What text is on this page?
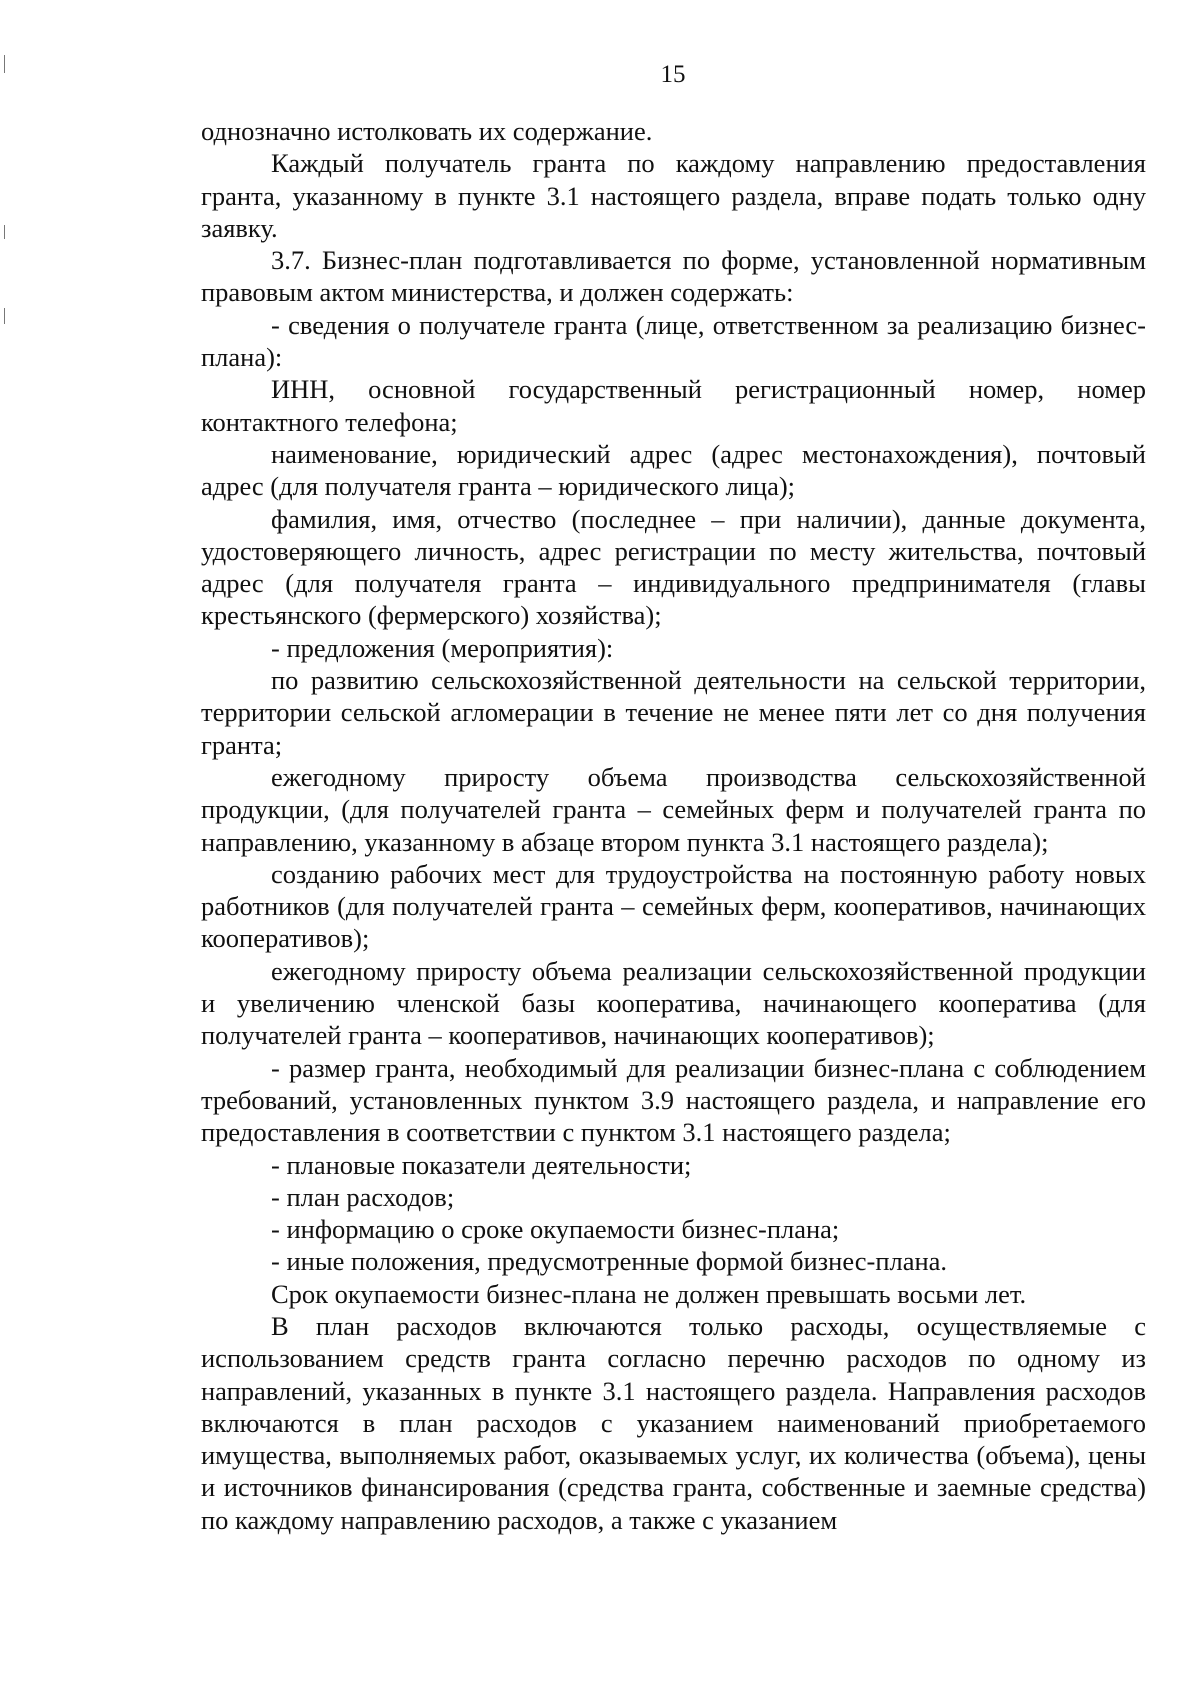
15

однозначно истолковать их содержание.

Каждый получатель гранта по каждому направлению предоставления гранта, указанному в пункте 3.1 настоящего раздела, вправе подать только одну заявку.

3.7. Бизнес-план подготавливается по форме, установленной нормативным правовым актом министерства, и должен содержать:

- сведения о получателе гранта (лице, ответственном за реализацию бизнес-плана):

ИНН, основной государственный регистрационный номер, номер контактного телефона;

наименование, юридический адрес (адрес местонахождения), почтовый адрес (для получателя гранта – юридического лица);

фамилия, имя, отчество (последнее – при наличии), данные документа, удостоверяющего личность, адрес регистрации по месту жительства, почтовый адрес (для получателя гранта – индивидуального предпринимателя (главы крестьянского (фермерского) хозяйства);

- предложения (мероприятия):

по развитию сельскохозяйственной деятельности на сельской территории, территории сельской агломерации в течение не менее пяти лет со дня получения гранта;

ежегодному приросту объема производства сельскохозяйственной продукции, (для получателей гранта – семейных ферм и получателей гранта по направлению, указанному в абзаце втором пункта 3.1 настоящего раздела);

созданию рабочих мест для трудоустройства на постоянную работу новых работников (для получателей гранта – семейных ферм, кооперативов, начинающих кооперативов);

ежегодному приросту объема реализации сельскохозяйственной продукции и увеличению членской базы кооператива, начинающего кооператива (для получателей гранта – кооперативов, начинающих кооперативов);

- размер гранта, необходимый для реализации бизнес-плана с соблюдением требований, установленных пунктом 3.9 настоящего раздела, и направление его предоставления в соответствии с пунктом 3.1 настоящего раздела;

- плановые показатели деятельности;

- план расходов;

- информацию о сроке окупаемости бизнес-плана;

- иные положения, предусмотренные формой бизнес-плана.

Срок окупаемости бизнес-плана не должен превышать восьми лет.

В план расходов включаются только расходы, осуществляемые с использованием средств гранта согласно перечню расходов по одному из направлений, указанных в пункте 3.1 настоящего раздела. Направления расходов включаются в план расходов с указанием наименований приобретаемого имущества, выполняемых работ, оказываемых услуг, их количества (объема), цены и источников финансирования (средства гранта, собственные и заемные средства) по каждому направлению расходов, а также с указанием
